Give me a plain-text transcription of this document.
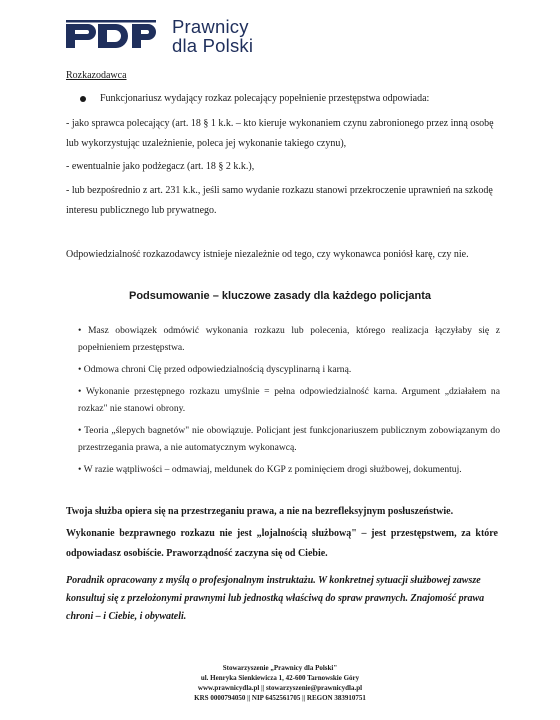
Prawnicy
dla Polski
Rozkazodawca
Funkcjonariusz wydający rozkaz polecający popełnienie przestępstwa odpowiada:
- jako sprawca polecający (art. 18 § 1 k.k. – kto kieruje wykonaniem czynu zabronionego przez inną osobę lub wykorzystując uzależnienie, poleca jej wykonanie takiego czynu),
- ewentualnie jako podżegacz (art. 18 § 2 k.k.),
- lub bezpośrednio z art. 231 k.k., jeśli samo wydanie rozkazu stanowi przekroczenie uprawnień na szkodę interesu publicznego lub prywatnego.
Odpowiedzialność rozkazodawcy istnieje niezależnie od tego, czy wykonawca poniósł karę, czy nie.
Podsumowanie – kluczowe zasady dla każdego policjanta
• Masz obowiązek odmówić wykonania rozkazu lub polecenia, którego realizacja łączyłaby się z popełnieniem przestępstwa.
• Odmowa chroni Cię przed odpowiedzialnością dyscyplinarną i karną.
• Wykonanie przestępnego rozkazu umyślnie = pełna odpowiedzialność karna. Argument „działałem na rozkaz" nie stanowi obrony.
• Teoria „ślepych bagnetów" nie obowiązuje. Policjant jest funkcjonariuszem publicznym zobowiązanym do przestrzegania prawa, a nie automatycznym wykonawcą.
• W razie wątpliwości – odmawiaj, meldunek do KGP z pominięciem drogi służbowej, dokumentuj.
Twoja służba opiera się na przestrzeganiu prawa, a nie na bezrefleksyjnym posłuszeństwie.
Wykonanie bezprawnego rozkazu nie jest „lojalnością służbową" – jest przestępstwem, za które odpowiadasz osobiście. Praworządność zaczyna się od Ciebie.
Poradnik opracowany z myślą o profesjonalnym instruktażu. W konkretnej sytuacji służbowej zawsze konsultuj się z przełożonymi prawnymi lub jednostką właściwą do spraw prawnych. Znajomość prawa chroni – i Ciebie, i obywateli.
Stowarzyszenie „Prawnicy dla Polski"
ul. Henryka Sienkiewicza 1, 42-600 Tarnowskie Góry
www.prawnicydla.pl || stowarzyszenie@prawnicydla.pl
KRS 0000794050 || NIP 6452561705 || REGON 383910751
